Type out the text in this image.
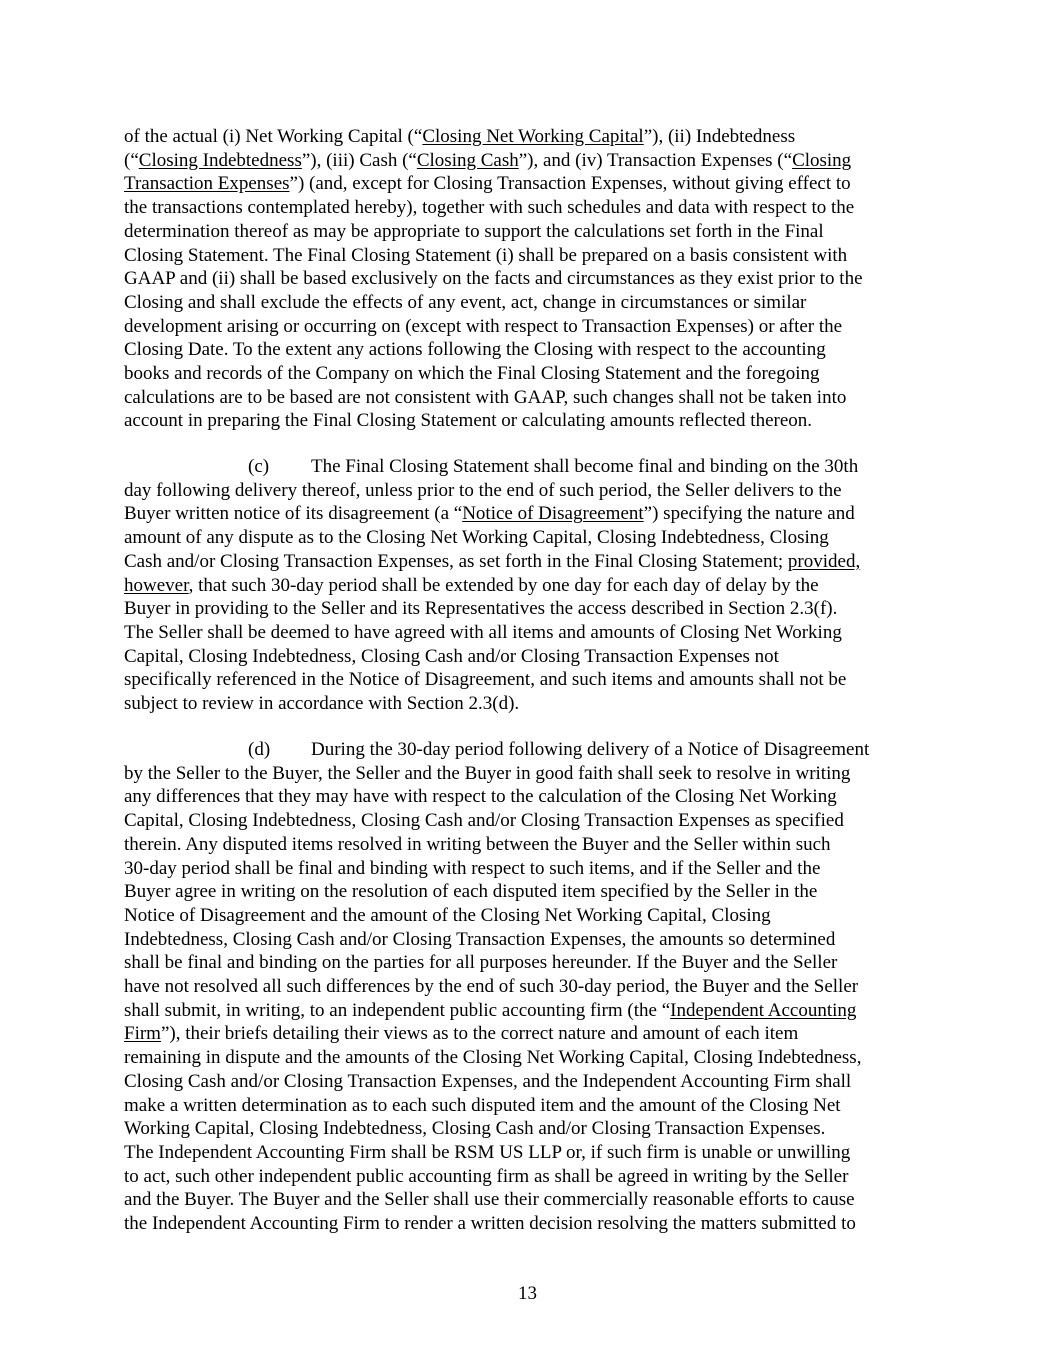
of the actual (i) Net Working Capital (“Closing Net Working Capital”), (ii) Indebtedness
(“Closing Indebtedness”), (iii) Cash (“Closing Cash”), and (iv) Transaction Expenses (“Closing
Transaction Expenses”) (and, except for Closing Transaction Expenses, without giving effect to
the transactions contemplated hereby), together with such schedules and data with respect to the
determination thereof as may be appropriate to support the calculations set forth in the Final
Closing Statement. The Final Closing Statement (i) shall be prepared on a basis consistent with
GAAP and (ii) shall be based exclusively on the facts and circumstances as they exist prior to the
Closing and shall exclude the effects of any event, act, change in circumstances or similar
development arising or occurring on (except with respect to Transaction Expenses) or after the
Closing Date. To the extent any actions following the Closing with respect to the accounting
books and records of the Company on which the Final Closing Statement and the foregoing
calculations are to be based are not consistent with GAAP, such changes shall not be taken into
account in preparing the Final Closing Statement or calculating amounts reflected thereon.
(c) The Final Closing Statement shall become final and binding on the 30th
day following delivery thereof, unless prior to the end of such period, the Seller delivers to the
Buyer written notice of its disagreement (a “Notice of Disagreement”) specifying the nature and
amount of any dispute as to the Closing Net Working Capital, Closing Indebtedness, Closing
Cash and/or Closing Transaction Expenses, as set forth in the Final Closing Statement; provided,
however, that such 30-day period shall be extended by one day for each day of delay by the
Buyer in providing to the Seller and its Representatives the access described in Section 2.3(f).
The Seller shall be deemed to have agreed with all items and amounts of Closing Net Working
Capital, Closing Indebtedness, Closing Cash and/or Closing Transaction Expenses not
specifically referenced in the Notice of Disagreement, and such items and amounts shall not be
subject to review in accordance with Section 2.3(d).
(d) During the 30-day period following delivery of a Notice of Disagreement
by the Seller to the Buyer, the Seller and the Buyer in good faith shall seek to resolve in writing
any differences that they may have with respect to the calculation of the Closing Net Working
Capital, Closing Indebtedness, Closing Cash and/or Closing Transaction Expenses as specified
therein. Any disputed items resolved in writing between the Buyer and the Seller within such
30-day period shall be final and binding with respect to such items, and if the Seller and the
Buyer agree in writing on the resolution of each disputed item specified by the Seller in the
Notice of Disagreement and the amount of the Closing Net Working Capital, Closing
Indebtedness, Closing Cash and/or Closing Transaction Expenses, the amounts so determined
shall be final and binding on the parties for all purposes hereunder. If the Buyer and the Seller
have not resolved all such differences by the end of such 30-day period, the Buyer and the Seller
shall submit, in writing, to an independent public accounting firm (the “Independent Accounting
Firm”), their briefs detailing their views as to the correct nature and amount of each item
remaining in dispute and the amounts of the Closing Net Working Capital, Closing Indebtedness,
Closing Cash and/or Closing Transaction Expenses, and the Independent Accounting Firm shall
make a written determination as to each such disputed item and the amount of the Closing Net
Working Capital, Closing Indebtedness, Closing Cash and/or Closing Transaction Expenses.
The Independent Accounting Firm shall be RSM US LLP or, if such firm is unable or unwilling
to act, such other independent public accounting firm as shall be agreed in writing by the Seller
and the Buyer. The Buyer and the Seller shall use their commercially reasonable efforts to cause
the Independent Accounting Firm to render a written decision resolving the matters submitted to
13
